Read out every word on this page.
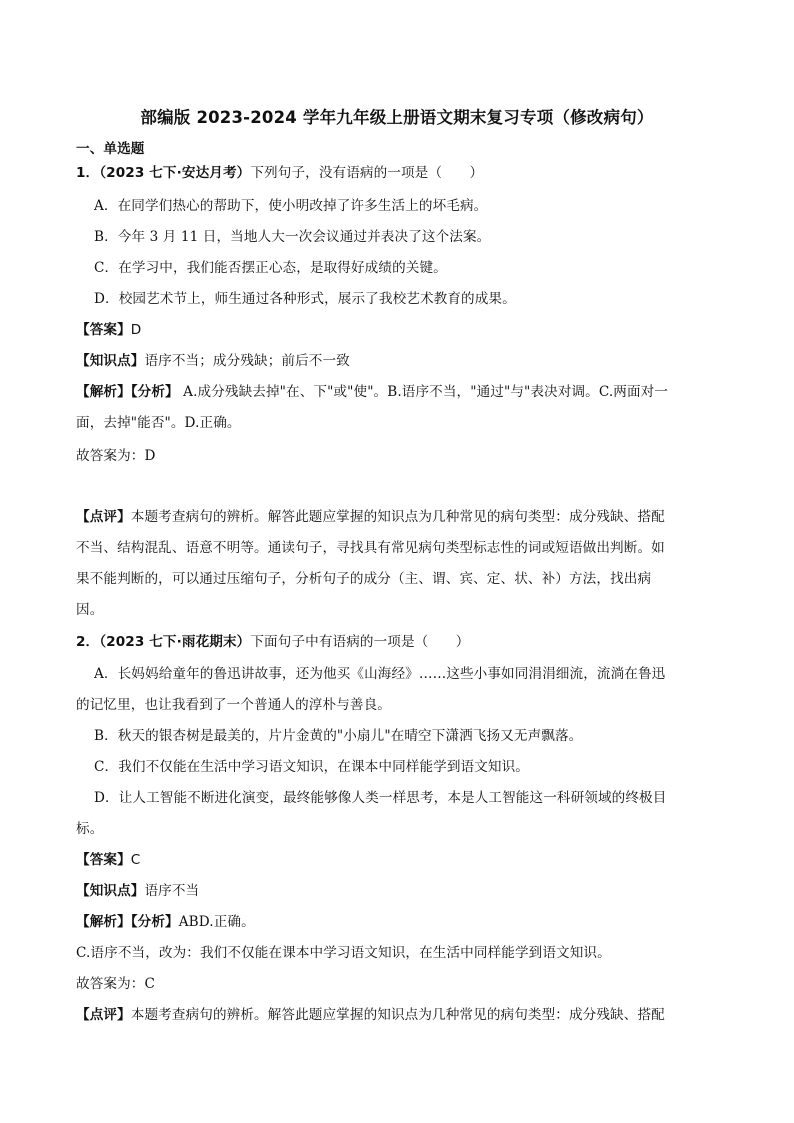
部编版 2023-2024 学年九年级上册语文期末复习专项（修改病句）
一、单选题
1．（2023 七下·安达月考）下列句子，没有语病的一项是（　　）
A．在同学们热心的帮助下，使小明改掉了许多生活上的坏毛病。
B．今年 3 月 11 日，当地人大一次会议通过并表决了这个法案。
C．在学习中，我们能否摆正心态，是取得好成绩的关键。
D．校园艺术节上，师生通过各种形式，展示了我校艺术教育的成果。
【答案】D
【知识点】语序不当；成分残缺；前后不一致
【解析】【分析】 A.成分残缺去掉"在、下"或"使"。B.语序不当，"通过"与"表决对调。C.两面对一
面，去掉"能否"。D.正确。
故答案为：D
【点评】本题考查病句的辨析。解答此题应掌握的知识点为几种常见的病句类型：成分残缺、搭配
不当、结构混乱、语意不明等。通读句子，寻找具有常见病句类型标志性的词或短语做出判断。如
果不能判断的，可以通过压缩句子，分析句子的成分（主、谓、宾、定、状、补）方法，找出病
因。
2．（2023 七下·雨花期末）下面句子中有语病的一项是（　　）
A．长妈妈给童年的鲁迅讲故事，还为他买《山海经》……这些小事如同涓涓细流，流淌在鲁迅
的记忆里，也让我看到了一个普通人的淳朴与善良。
B．秋天的银杏树是最美的，片片金黄的"小扇儿"在晴空下潇洒飞扬又无声飘落。
C．我们不仅能在生活中学习语文知识，在课本中同样能学到语文知识。
D．让人工智能不断进化演变，最终能够像人类一样思考，本是人工智能这一科研领域的终极目
标。
【答案】C
【知识点】语序不当
【解析】【分析】ABD.正确。
C.语序不当，改为：我们不仅能在课本中学习语文知识，在生活中同样能学到语文知识。
故答案为：C
【点评】本题考查病句的辨析。解答此题应掌握的知识点为几种常见的病句类型：成分残缺、搭配
